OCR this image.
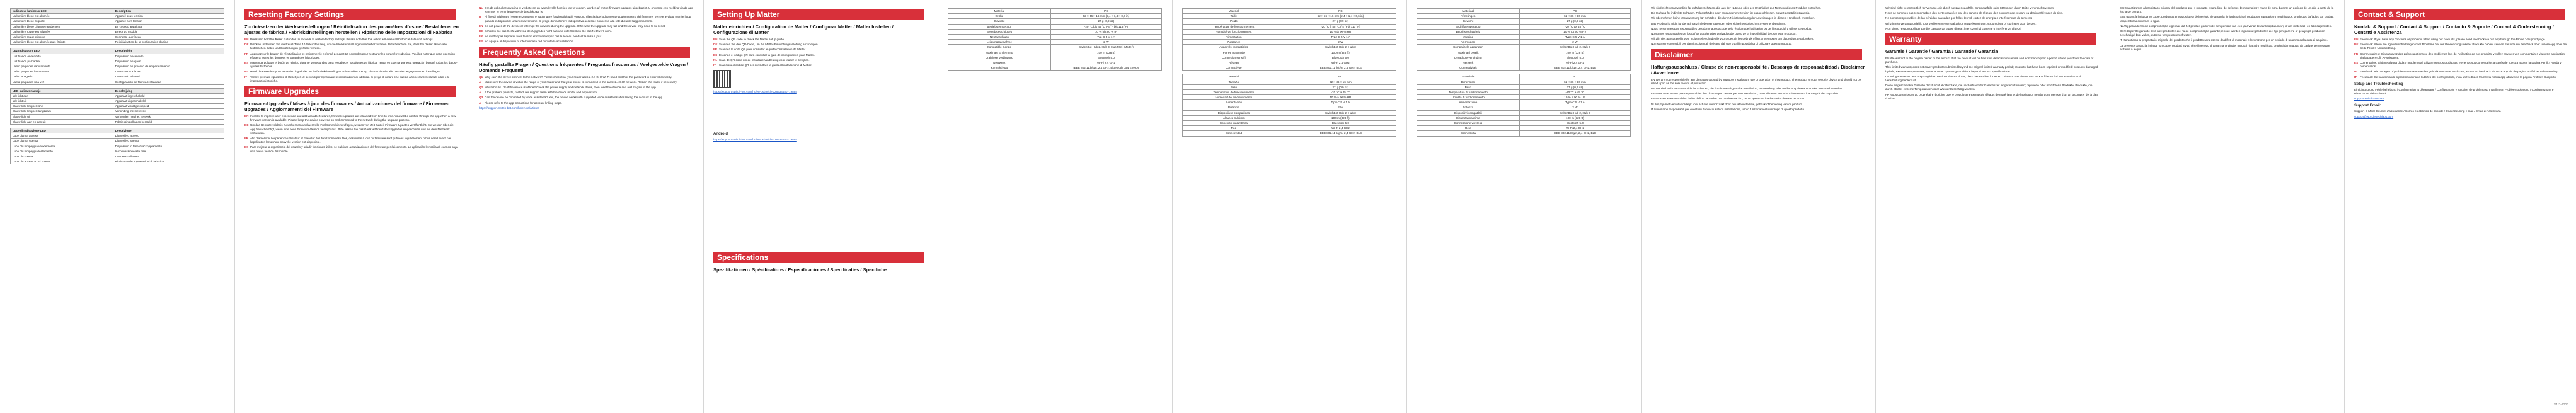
Indicateur lumineux LED	Description
La lumière bleue est allumée	Appareil sous tension
La lumière bleue clignote	Appareil hors tension
La lumière bleue clignote rapidement	En cours d’appairage
La lumière rouge est allumée	Erreur du module
La lumière rouge clignote	Connecté au réseau
La lumière bleue est allumée puis éteinte	Réinitialisation de la configuration d’usine
Luz Indicadora LED	Descripción
Luz blanca encendida	Dispositivo encendido
Luz blanca parpadea	Dispositivo apagado
La luz parpadea rápidamente	Dispositivo en proceso de emparejamiento
La luz parpadea lentamente	Conectando a la red
La luz apagada	Conectado a la red
La luz parpadea una vez	Configuración de fábrica restaurada
LED-indicatorlampje	Beschrijving
Wit licht aan	Apparaat ingeschakeld
Wit licht uit	Apparaat uitgeschakeld
Blauw licht knippert snel	Apparaat wordt gekoppeld
Blauw licht knippert langzaam	Verbinding met netwerk
Blauw licht uit	Verbonden met het netwerk
Blauw licht aan en dan uit	Fabrieksinstellingen hersteld
Luce di Indicazione LED	Descrizione
Luce bianca accesa	Dispositivo acceso
Luce bianca spenta	Dispositivo spento
Luce blu lampeggia velocemente	Dispositivo in fase di accoppiamento
Luce blu lampeggia lentamente	In connessione alla rete
Luce blu spenta	Connesso alla rete
Luce blu accesa e poi spenta	Ripristinato le impostazioni di fabbrica
Resetting Factory Settings
Zurücksetzen der Werkseinstellungen / Réinitialisation des paramètres d’usine / Restablecer en ajustes de fábrica / Fabrieksinstellingen herstellen / Ripristino delle Impostazioni di Fabbrica
EN Press and hold the Reset button for 10 seconds to restore factory settings. Please note that this action will erase all historical data and settings.
DE Drücken und halten Sie die Reset-Taste 10 Sekunden lang, um die Werkseinstellungen wiederherzustellen. Bitte beachten Sie, dass bei dieser Aktion alle historischen Daten und Einstellungen gelöscht werden.
FR Appuyez sur le bouton de réinitialisation et maintenez-le enfoncé pendant 10 secondes pour restaurer les paramètres d’usine. Veuillez noter que cette opération effacera toutes les données et paramètres historiques.
ES Mantenga pulsado el botón de reinicio durante 10 segundos para restablecer los ajustes de fábrica. Tenga en cuenta que esta operación borrará todos los datos y ajustes históricos.
NL Houd de Reset-knop 10 seconden ingedrukt om de fabrieksinstellingen te herstellen. Let op: deze actie wist alle historische gegevens en instellingen.
IT	Tenere premuto il pulsante di Reset per 10 secondi per ripristinare le impostazioni di fabbrica. Si prega di notare che questa azione cancellerà tutti i dati e le impostazioni storiche.
Firmware Upgrades
Firmware-Upgrades / Mises à jour des firmwares / Actualizaciones del firmware / Firmware-upgrades / Aggiornamenti del Firmware
EN In order to improve user experience and add valuable features, firmware updates are released from time to time. You will be notified through the app when a new firmware version is available. Please keep the device powered on and connected to the network during the upgrade process.
DE Um das Benutzererlebnis zu verbessern und wertvolle Funktionen hinzuzufügen, werden von Zeit zu Zeit Firmware-Updates veröffentlicht. Sie werden über die App benachrichtigt, wenn eine neue Firmware-Version verfügbar ist. Bitte lassen Sie das Gerät während des Upgrades eingeschaltet und mit dem Netzwerk verbunden.
FR Afin d’améliorer l’expérience utilisateur et d’ajouter des fonctionnalités utiles, des mises à jour du firmware sont publiées régulièrement. Vous serez averti par l’application lorsqu’une nouvelle version est disponible.
ES Para mejorar la experiencia del usuario y añadir funciones útiles, se publican actualizaciones del firmware periódicamente. La aplicación le notificará cuando haya una nueva versión disponible.
NL Om de gebruikerservaring te verbeteren en waardevolle functies toe te voegen, worden af en toe firmware-updates uitgebracht. U ontvangt een melding via de app wanneer er een nieuwe versie beschikbaar is.
IT	Al fine di migliorare l’esperienza utente e aggiungere funzionalità utili, vengono rilasciati periodicamente aggiornamenti del firmware. Verrete avvisati tramite l’app quando è disponibile una nuova versione. Si prega di mantenere il dispositivo acceso e connesso alla rete durante l’aggiornamento.
EN Do not power off the device or interrupt the network during the upgrade. Otherwise the upgrade may fail and the device may need to be reset.
DE Schalten Sie das Gerät während des Upgrades nicht aus und unterbrechen Sie das Netzwerk nicht.
FR Ne mettez pas l’appareil hors tension et n’interrompez pas le réseau pendant la mise à jour.
ES No apague el dispositivo ni interrumpa la red durante la actualización.
Frequently Asked Questions
Häufig gestellte Fragen / Questions fréquentes / Preguntas frecuentes / Veelgestelde Vragen / Domande Frequenti
Q1 Why can’t the device connect to the network? Please check that your router uses a 2.4 GHz Wi-Fi band and that the password is entered correctly.
A	Make sure the device is within the range of your router and that your phone is connected to the same 2.4 GHz network. Restart the router if necessary.
Q2 What should I do if the device is offline? Check the power supply and network status, then reset the device and add it again in the app.
A	If the problem persists, contact our support team with the device model and app version.
Q3 Can the device be controlled by voice assistants? Yes, the device works with supported voice assistants after linking the account in the app.
A	Please refer to the app instructions for account linking steps.
https://support.switch-bot.com/hc/en-us/articles
Setting Up Matter
Matter einrichten / Configuration de Matter / Configurar Matter / Matter Instellen / Configurazione di Matter
EN Scan the QR code to check the Matter setup guide.
DE Scannen Sie den QR-Code, um die Matter-Einrichtungsanleitung anzuzeigen.
FR Scannez le code QR pour consulter le guide d’installation de Matter.
ES Escanee el código QR para consultar la guía de configuración para Matter.
NL Scan de QR-code om de installatiehandleiding voor Matter te bekijken.
IT	Scansiona il codice QR per consultare la guida all’installazione di Matter.
https://support.switch-bot.com/hc/en-us/articles/26534480719895
Android
https://support.switch-bot.com/hc/en-us/articles/26534480719895
Specifications
Spezifikationen / Spécifications / Especificaciones / Specificaties / Specifiche
Material	PC
Größe	62 × 36 × 16 mm (2,4 × 1,4 × 0,6 in)
Gewicht	27 g (0,9 oz)
Betriebstemperatur	-20 °C bis 45 °C (-4 °F bis 113 °F)
Betriebsfeuchtigkeit	10 % bis 90 % rF
Netzanschluss	Typ-C 5 V 1 A
Leistungsaufnahme	2 W
Kompatible Geräte	SwitchBot Hub 2, Hub 3, Hub Mini (Matter)
Maximale Entfernung	100 m (328 ft)
Drahtlose Verbindung	Bluetooth 5.0
Netzwerk	Wi-Fi 2,4 GHz
Konnektivität	IEEE 802.11 b/g/n, 2,4 GHz, Bluetooth Low Energy
Material	PC
Taille	62 × 36 × 16 mm (2,4 × 1,4 × 0,6 in)
Poids	27 g (0,9 oz)
Température de fonctionnement	-20 °C à 45 °C (-4 °F à 113 °F)
Humidité de fonctionnement	10 % à 90 % HR
Alimentation	Type-C 5 V 1 A
Puissance	2 W
Appareils compatibles	SwitchBot Hub 2, Hub 3
Portée maximale	100 m (328 ft)
Connexion sans fil	Bluetooth 5.0
Réseau	Wi-Fi 2,4 GHz
Connectivité	IEEE 802.11 b/g/n, 2,4 GHz, BLE
Material	PC
Tamaño	62 × 36 × 16 mm
Peso	27 g (0,9 oz)
Temperatura de funcionamiento	-20 °C a 45 °C
Humedad de funcionamiento	10 % a 90 % HR
Alimentación	Tipo-C 5 V 1 A
Potencia	2 W
Dispositivos compatibles	SwitchBot Hub 2, Hub 3
Alcance máximo	100 m (328 ft)
Conexión inalámbrica	Bluetooth 5.0
Red	Wi-Fi 2,4 GHz
Conectividad	IEEE 802.11 b/g/n, 2,4 GHz, BLE
Materiaal	PC
Afmetingen	62 × 36 × 16 mm
Gewicht	27 g (0,9 oz)
Bedrijfstemperatuur	-20 °C tot 45 °C
Bedrijfsvochtigheid	10 % tot 90 % RV
Voeding	Type-C 5 V 1 A
Vermogen	2 W
Compatibele apparaten	SwitchBot Hub 2, Hub 3
Maximaal bereik	100 m (328 ft)
Draadloze verbinding	Bluetooth 5.0
Netwerk	Wi-Fi 2,4 GHz
Connectiviteit	IEEE 802.11 b/g/n, 2,4 GHz, BLE
Materiale	PC
Dimensioni	62 × 36 × 16 mm
Peso	27 g (0,9 oz)
Temperatura di funzionamento	-20 °C a 45 °C
Umidità di funzionamento	10 % a 90 % UR
Alimentazione	Type-C 5 V 1 A
Potenza	2 W
Dispositivi compatibili	SwitchBot Hub 2, Hub 3
Distanza massima	100 m (328 ft)
Connessione wireless	Bluetooth 5.0
Rete	Wi-Fi 2,4 GHz
Connettività	IEEE 802.11 b/g/n, 2,4 GHz, BLE
Wir sind nicht verantwortlich für zufällige Schäden, die aus der Nutzung oder der Unfähigkeit zur Nutzung dieses Produkts entstehen.
Die Haftung für indirekte Schäden, Folgeschäden oder entgangenen Gewinn ist ausgeschlossen, soweit gesetzlich zulässig.
Wir übernehmen keine Verantwortung für Schäden, die durch Nichtbeachtung der Anweisungen in diesem Handbuch entstehen.
Das Produkt ist nicht für den Einsatz in lebenserhaltenden oder sicherheitskritischen Systemen bestimmt.
Nous ne sommes pas responsables des dommages accidentels résultant de l’utilisation ou de l’incapacité d’utiliser ce produit.
No somos responsables de los daños accidentales derivados del uso o de la imposibilidad de usar este producto.
Wij zijn niet aansprakelijk voor incidentele schade die voortvloeit uit het gebruik of het onvermogen om dit product te gebruiken.
Non siamo responsabili per danni accidentali derivanti dall’uso o dall’impossibilità di utilizzare questo prodotto.
Disclaimer
Haftungsausschluss / Clause de non-responsabilité / Descargo de responsabilidad / Disclaimer / Avvertenze
EN We are not responsible for any damages caused by improper installation, use or operation of this product. The product is not a security device and should not be relied upon as the sole means of protection.
DE Wir sind nicht verantwortlich für Schäden, die durch unsachgemäße Installation, Verwendung oder Bedienung dieses Produkts verursacht werden.
FR Nous ne sommes pas responsables des dommages causés par une installation, une utilisation ou un fonctionnement inapproprié de ce produit.
ES No somos responsables de los daños causados por una instalación, uso u operación inadecuados de este producto.
NL Wij zijn niet verantwoordelijk voor schade veroorzaakt door onjuiste installatie, gebruik of bediening van dit product.
IT Non siamo responsabili per eventuali danni causati da installazione, uso o funzionamento impropri di questo prodotto.
Wir sind nicht verantwortlich für Verluste, die durch Netzwerkausfälle, Stromausfälle oder Störungen durch Dritte verursacht werden.
Nous ne sommes pas responsables des pertes causées par des pannes de réseau, des coupures de courant ou des interférences de tiers.
No somos responsables de las pérdidas causadas por fallos de red, cortes de energía o interferencias de terceros.
Wij zijn niet verantwoordelijk voor verliezen veroorzaakt door netwerkstoringen, stroomuitval of storingen door derden.
Non siamo responsabili per perdite causate da guasti di rete, interruzioni di corrente o interferenze di terzi.
Warranty
Garantie / Garantie / Garantía / Garantie / Garanzia
EN We warrant to the original owner of the product that the product will be free from defects in materials and workmanship for a period of one year from the date of purchase.
This limited warranty does not cover: products submitted beyond the original limited warranty period; products that have been repaired or modified; products damaged by falls, extreme temperatures, water or other operating conditions beyond product specifications.
DE Wir garantieren dem ursprünglichen Besitzer des Produkts, dass das Produkt für einen Zeitraum von einem Jahr ab Kaufdatum frei von Material- und Verarbeitungsfehlern ist.
Diese eingeschränkte Garantie deckt nicht ab: Produkte, die nach Ablauf der Garantiezeit eingereicht werden; reparierte oder modifizierte Produkte; Produkte, die durch Stürze, extreme Temperaturen oder Wasser beschädigt wurden.
FR Nous garantissons au propriétaire d’origine que le produit sera exempt de défauts de matériaux et de fabrication pendant une période d’un an à compter de la date d’achat.
ES Garantizamos al propietario original del producto que el producto estará libre de defectos de materiales y mano de obra durante un período de un año a partir de la fecha de compra.
Esta garantía limitada no cubre: productos enviados fuera del período de garantía limitada original; productos reparados o modificados; productos dañados por caídas, temperaturas extremas o agua.
NL Wij garanderen de oorspronkelijke eigenaar dat het product gedurende een periode van één jaar vanaf de aankoopdatum vrij is van materiaal- en fabricagefouten.
Deze beperkte garantie dekt niet: producten die na de oorspronkelijke garantieperiode worden ingediend; producten die zijn gerepareerd of gewijzigd; producten beschadigd door vallen, extreme temperaturen of water.
IT Garantiamo al proprietario originale del prodotto che il prodotto sarà esente da difetti di materiale e lavorazione per un periodo di un anno dalla data di acquisto.
La presente garanzia limitata non copre: prodotti inviati oltre il periodo di garanzia originale; prodotti riparati o modificati; prodotti danneggiati da cadute, temperature estreme o acqua.
Contact & Support
Kontakt & Support / Contact & Support / Contacto & Soporte / Contact & Ondersteuning / Contatti e Assistenza
EN Feedback: If you have any concerns or problems when using our products, please send feedback via our app through the Profile > Support page.
DE Feedback: Wenn Sie irgendwelche Fragen oder Probleme bei der Verwendung unserer Produkte haben, senden Sie bitte ein Feedback über unsere App über die Seite Profil > Unterstützung.
FR Commentaires : Si vous avez des préoccupations ou des problèmes lors de l’utilisation de nos produits, veuillez envoyer vos commentaires via notre application via la page Profil > Assistance.
ES Comentarios: Si tiene alguna duda o problema al utilizar nuestros productos, envíenos sus comentarios a través de nuestra app en la página Perfil > Ayuda y comentarios.
NL Feedback: Als u vragen of problemen ervaart met het gebruik van onze producten, stuur dan feedback via onze app via de pagina Profiel > Ondersteuning.
IT	Feedback: Se hai domande o problemi durante l’utilizzo dei nostri prodotti, invia un feedback tramite la nostra app attraverso la pagina Profilo > Supporto.
Setup and Troubleshooting
Einrichtung und Fehlerbehebung / Configuration et dépannage / Configuración y solución de problemas / Instellen en Probleemoplossing / Configurazione e Risoluzione dei Problemi
support.switch-bot.com
Support Email:
Support-E-Mail / Courriel d’assistance / Correo electrónico de soporte / Ondersteuning e-mail / Email di Assistenza
support@wondertechlabs.com
V1.3-2306
